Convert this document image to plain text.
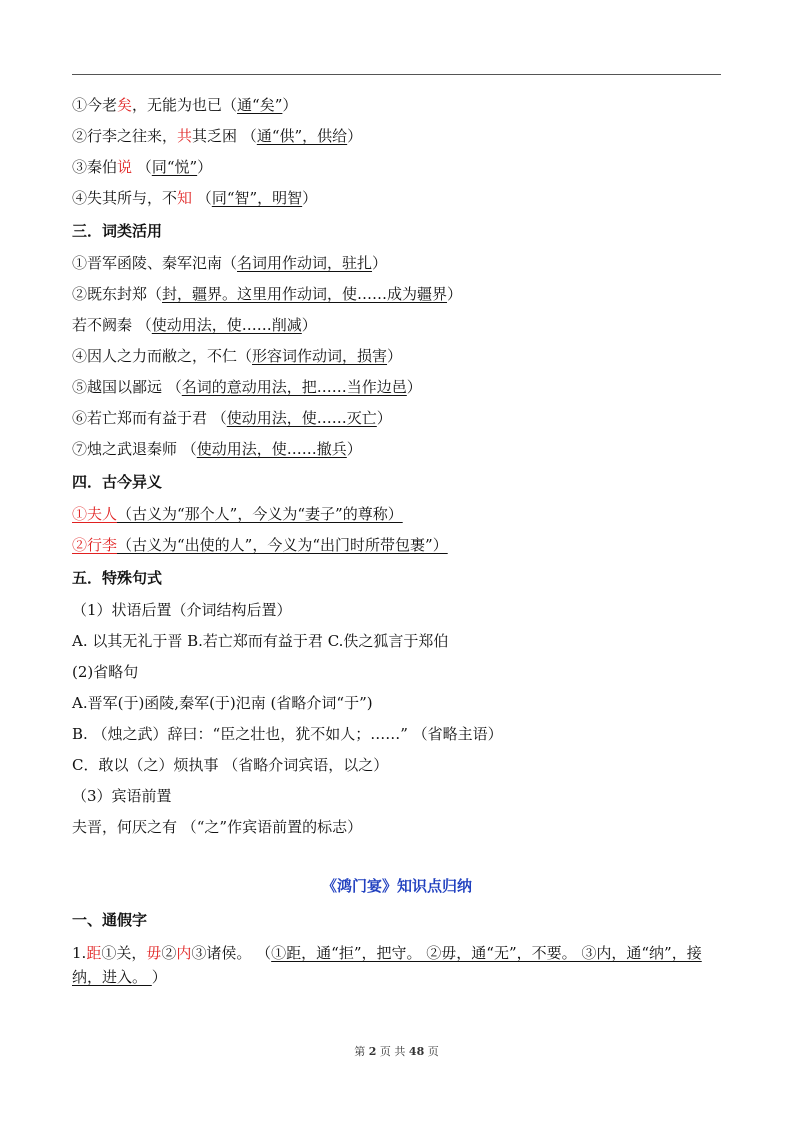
①今老矣，无能为也已（通“矣”）
②行李之往来，共其乏困 （通“供”，供给）
③秦伯说 （同“悦”）
④失其所与，不知 （同“智”，明智）
三．词类活用
①晋军函陵、秦军氾南（名词用作动词，驻扎）
②既东封郑（封，疆界。这里用作动词，使……成为疆界）
若不阙秦 （使动用法，使……削减）
④因人之力而敝之，不仁（形容词作动词，损害）
⑤越国以鄙远 （名词的意动用法，把……当作边邑）
⑥若亡郑而有益于君 （使动用法，使……灭亡）
⑦烛之武退秦师 （使动用法，使……撤兵）
四．古今异义
①夫人（古义为“那个人”，今义为“妻子”的尊称）
②行李（古义为“出使的人”，今义为“出门时所带包裹”）
五．特殊句式
（1）状语后置（介词结构后置）
A. 以其无礼于晋 B.若亡郑而有益于君 C.佚之狐言于郑伯
(2)省略句
A.晋军(于)函陵,秦军(于)氾南 (省略介词“于”)
B. （烛之武）辞曰：“臣之壮也，犹不如人；……” （省略主语）
C．敢以（之）烦执事 （省略介词宾语，以之）
（3）宾语前置
夫晋，何厌之有 （“之”作宾语前置的标志）
《鸿门宴》知识点归纳
一、通假字
1.距①关，毋②内③诸侯。 （①距，通“拒”，把守。 ②毋，通“无”，不要。 ③内，通“纳”，接纳，进入。 ）
第 2 页 共 48 页
